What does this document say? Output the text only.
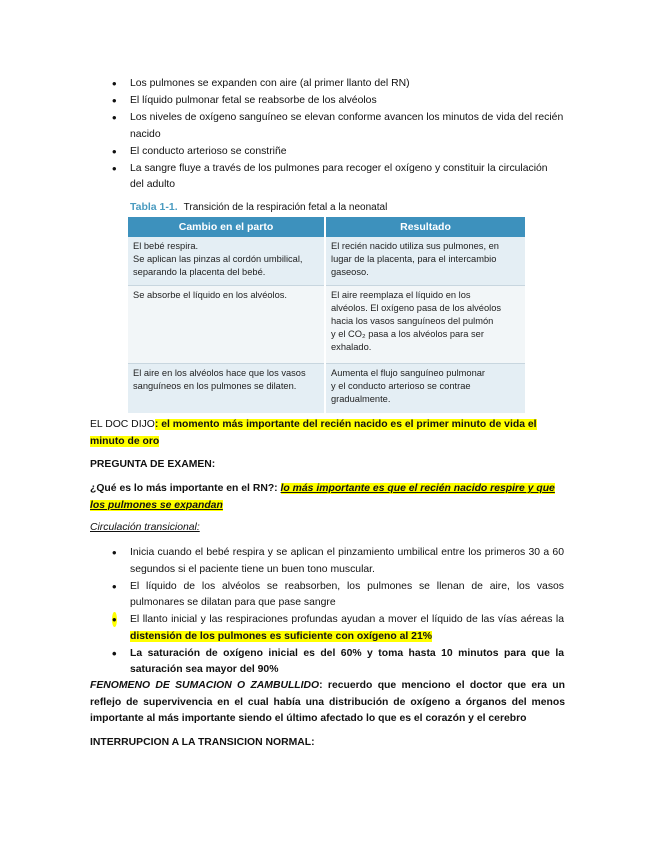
• Los pulmones se expanden con aire (al primer llanto del RN)
• El líquido pulmonar fetal se reabsorbe de los alvéolos
• Los niveles de oxígeno sanguíneo se elevan conforme avancen los minutos de vida del recién nacido
• El conducto arterioso se constriñe
• La sangre fluye a través de los pulmones para recoger el oxígeno y constituir la circulación del adulto
Tabla 1-1. Transición de la respiración fetal a la neonatal
Cambio en el parto	Resultado

El bebé respira.
Se aplican las pinzas al cordón umbilical,
separando la placenta del bebé.	El recién nacido utiliza sus pulmones, en
lugar de la placenta, para el intercambio
gaseoso.

Se absorbe el líquido en los alvéolos.	El aire reemplaza el líquido en los
alvéolos. El oxígeno pasa de los alvéolos
hacia los vasos sanguíneos del pulmón
y el CO₂ pasa a los alvéolos para ser
exhalado.

El aire en los alvéolos hace que los vasos
sanguíneos en los pulmones se dilaten.	Aumenta el flujo sanguíneo pulmonar
y el conducto arterioso se contrae
gradualmente.
EL DOC DIJO: el momento más importante del recién nacido es el primer minuto de vida el minuto de oro
PREGUNTA DE EXAMEN:
¿Qué es lo más importante en el RN?: lo más importante es que el recién nacido respire y que los pulmones se expandan
Circulación transicional:
• Inicia cuando el bebé respira y se aplican el pinzamiento umbilical entre los primeros 30 a 60 segundos si el paciente tiene un buen tono muscular.
• El líquido de los alvéolos se reabsorben, los pulmones se llenan de aire, los vasos pulmonares se dilatan para que pase sangre
• El llanto inicial y las respiraciones profundas ayudan a mover el líquido de las vías aéreas la distensión de los pulmones es suficiente con oxígeno al 21%
• La saturación de oxígeno inicial es del 60% y toma hasta 10 minutos para que la saturación sea mayor del 90%
FENOMENO DE SUMACION O ZAMBULLIDO: recuerdo que menciono el doctor que era un reflejo de supervivencia en el cual había una distribución de oxígeno a órganos del menos importante al más importante siendo el último afectado lo que es el corazón y el cerebro
INTERRUPCION A LA TRANSICION NORMAL:
